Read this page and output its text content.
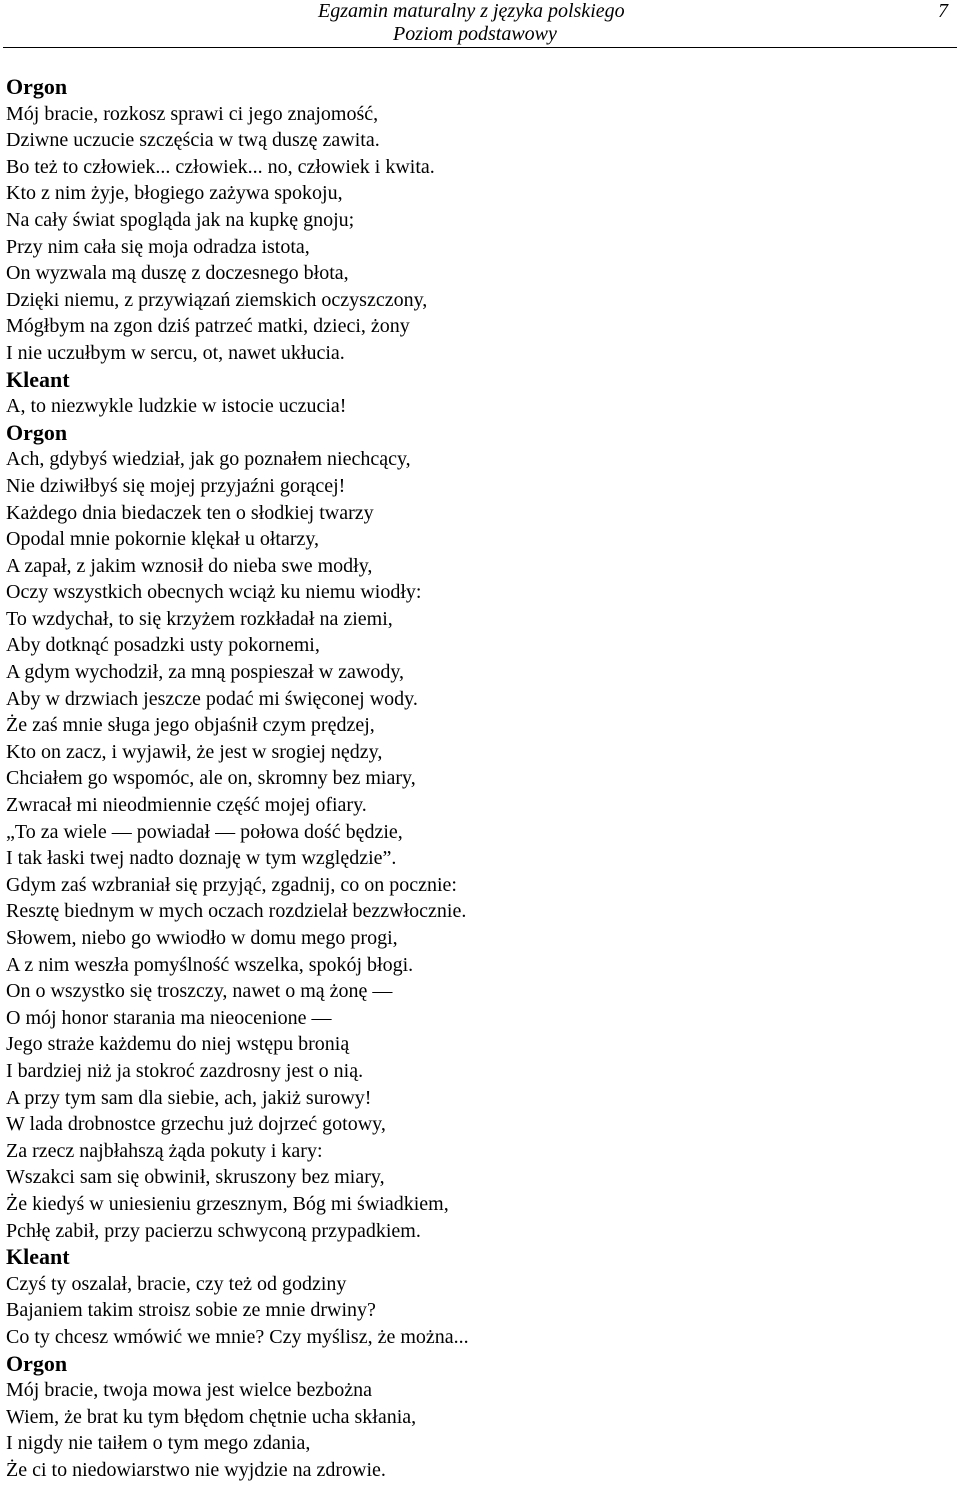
Egzamin maturalny z języka polskiego
Poziom podstawowy
7
Orgon
Mój bracie, rozkosz sprawi ci jego znajomość,
Dziwne uczucie szczęścia w twą duszę zawita.
Bo też to człowiek... człowiek... no, człowiek i kwita.
Kto z nim żyje, błogiego zażywa spokoju,
Na cały świat spogląda jak na kupkę gnoju;
Przy nim cała się moja odradza istota,
On wyzwala mą duszę z doczesnego błota,
Dzięki niemu, z przywiązań ziemskich oczyszczony,
Mógłbym na zgon dziś patrzeć matki, dzieci, żony
I nie uczułbym w sercu, ot, nawet ukłucia.
Kleant
A, to niezwykle ludzkie w istocie uczucia!
Orgon
Ach, gdybyś wiedział, jak go poznałem niechcący,
Nie dziwiłbyś się mojej przyjaźni gorącej!
Każdego dnia biedaczek ten o słodkiej twarzy
Opodal mnie pokornie klękał u ołtarzy,
A zapał, z jakim wznosił do nieba swe modły,
Oczy wszystkich obecnych wciąż ku niemu wiodły:
To wzdychał, to się krzyżem rozkładał na ziemi,
Aby dotknąć posadzki usty pokornemi,
A gdym wychodził, za mną pospieszał w zawody,
Aby w drzwiach jeszcze podać mi święconej wody.
Że zaś mnie sługa jego objaśnił czym prędzej,
Kto on zacz, i wyjawił, że jest w srogiej nędzy,
Chciałem go wspomóc, ale on, skromny bez miary,
Zwracał mi nieodmiennie część mojej ofiary.
„To za wiele — powiadał — połowa dość będzie,
I tak łaski twej nadto doznaję w tym względzie”.
Gdym zaś wzbraniał się przyjąć, zgadnij, co on pocznie:
Resztę biednym w mych oczach rozdzielał bezzwłocznie.
Słowem, niebo go wwiodło w domu mego progi,
A z nim weszła pomyślność wszelka, spokój błogi.
On o wszystko się troszczy, nawet o mą żonę —
O mój honor starania ma nieocenione —
Jego straże każdemu do niej wstępu bronią
I bardziej niż ja stokroć zazdrosny jest o nią.
A przy tym sam dla siebie, ach, jakiż surowy!
W lada drobnostce grzechu już dojrzeć gotowy,
Za rzecz najbłahszą żąda pokuty i kary:
Wszakci sam się obwinił, skruszony bez miary,
Że kiedyś w uniesieniu grzesznym, Bóg mi świadkiem,
Pchłę zabił, przy pacierzu schwyconą przypadkiem.
Kleant
Czyś ty oszalał, bracie, czy też od godziny
Bajaniem takim stroisz sobie ze mnie drwiny?
Co ty chcesz wmówić we mnie? Czy myślisz, że można...
Orgon
Mój bracie, twoja mowa jest wielce bezbożna
Wiem, że brat ku tym błędom chętnie ucha skłania,
I nigdy nie taiłem o tym mego zdania,
Że ci to niedowiarstwo nie wyjdzie na zdrowie.
